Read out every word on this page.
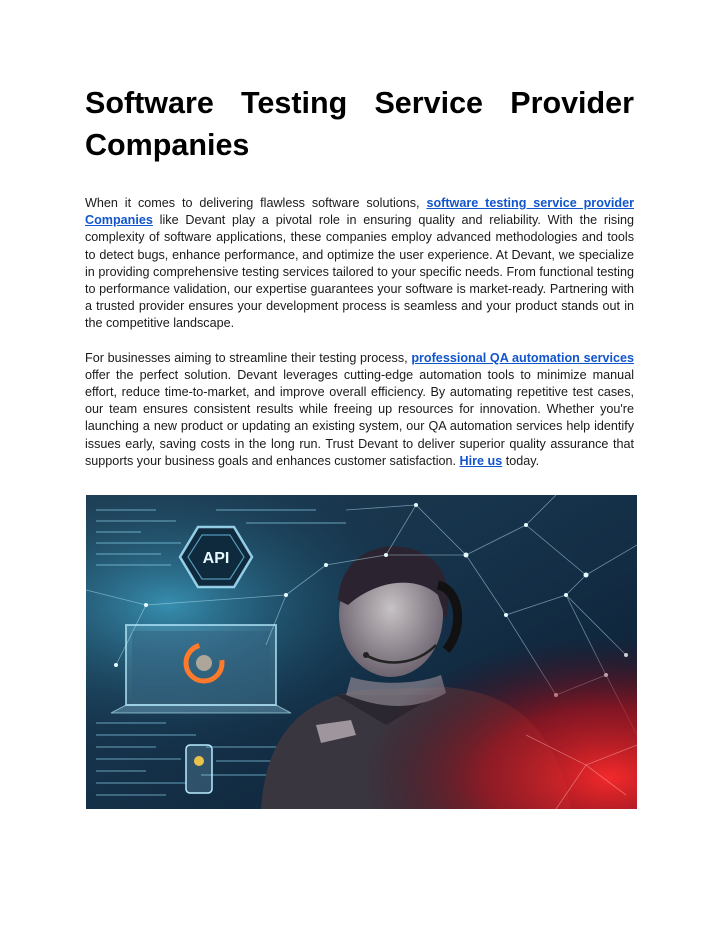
Software Testing Service Provider Companies

When it comes to delivering flawless software solutions, software testing service provider Companies like Devant play a pivotal role in ensuring quality and reliability. With the rising complexity of software applications, these companies employ advanced methodologies and tools to detect bugs, enhance performance, and optimize the user experience. At Devant, we specialize in providing comprehensive testing services tailored to your specific needs. From functional testing to performance validation, our expertise guarantees your software is market-ready. Partnering with a trusted provider ensures your development process is seamless and your product stands out in the competitive landscape.

For businesses aiming to streamline their testing process, professional QA automation services offer the perfect solution. Devant leverages cutting-edge automation tools to minimize manual effort, reduce time-to-market, and improve overall efficiency. By automating repetitive test cases, our team ensures consistent results while freeing up resources for innovation. Whether you're launching a new product or updating an existing system, our QA automation services help identify issues early, saving costs in the long run. Trust Devant to deliver superior quality assurance that supports your business goals and enhances customer satisfaction. Hire us today.
